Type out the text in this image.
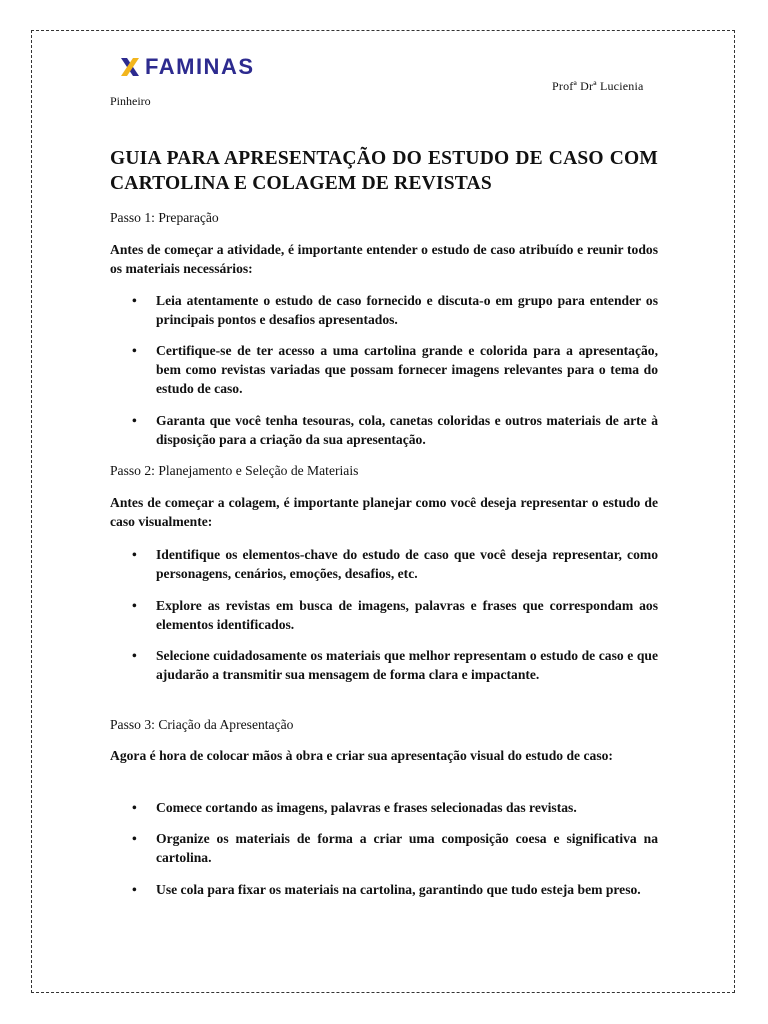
FAMINAS
Profª Drª Lucienia
Pinheiro
GUIA PARA APRESENTAÇÃO DO ESTUDO DE CASO COM CARTOLINA E COLAGEM DE REVISTAS
Passo 1: Preparação
Antes de começar a atividade, é importante entender o estudo de caso atribuído e reunir todos os materiais necessários:
• Leia atentamente o estudo de caso fornecido e discuta-o em grupo para entender os principais pontos e desafios apresentados.
• Certifique-se de ter acesso a uma cartolina grande e colorida para a apresentação, bem como revistas variadas que possam fornecer imagens relevantes para o tema do estudo de caso.
• Garanta que você tenha tesouras, cola, canetas coloridas e outros materiais de arte à disposição para a criação da sua apresentação.
Passo 2: Planejamento e Seleção de Materiais
Antes de começar a colagem, é importante planejar como você deseja representar o estudo de caso visualmente:
• Identifique os elementos-chave do estudo de caso que você deseja representar, como personagens, cenários, emoções, desafios, etc.
• Explore as revistas em busca de imagens, palavras e frases que correspondam aos elementos identificados.
• Selecione cuidadosamente os materiais que melhor representam o estudo de caso e que ajudarão a transmitir sua mensagem de forma clara e impactante.
Passo 3: Criação da Apresentação
Agora é hora de colocar mãos à obra e criar sua apresentação visual do estudo de caso:
• Comece cortando as imagens, palavras e frases selecionadas das revistas.
• Organize os materiais de forma a criar uma composição coesa e significativa na cartolina.
• Use cola para fixar os materiais na cartolina, garantindo que tudo esteja bem preso.
